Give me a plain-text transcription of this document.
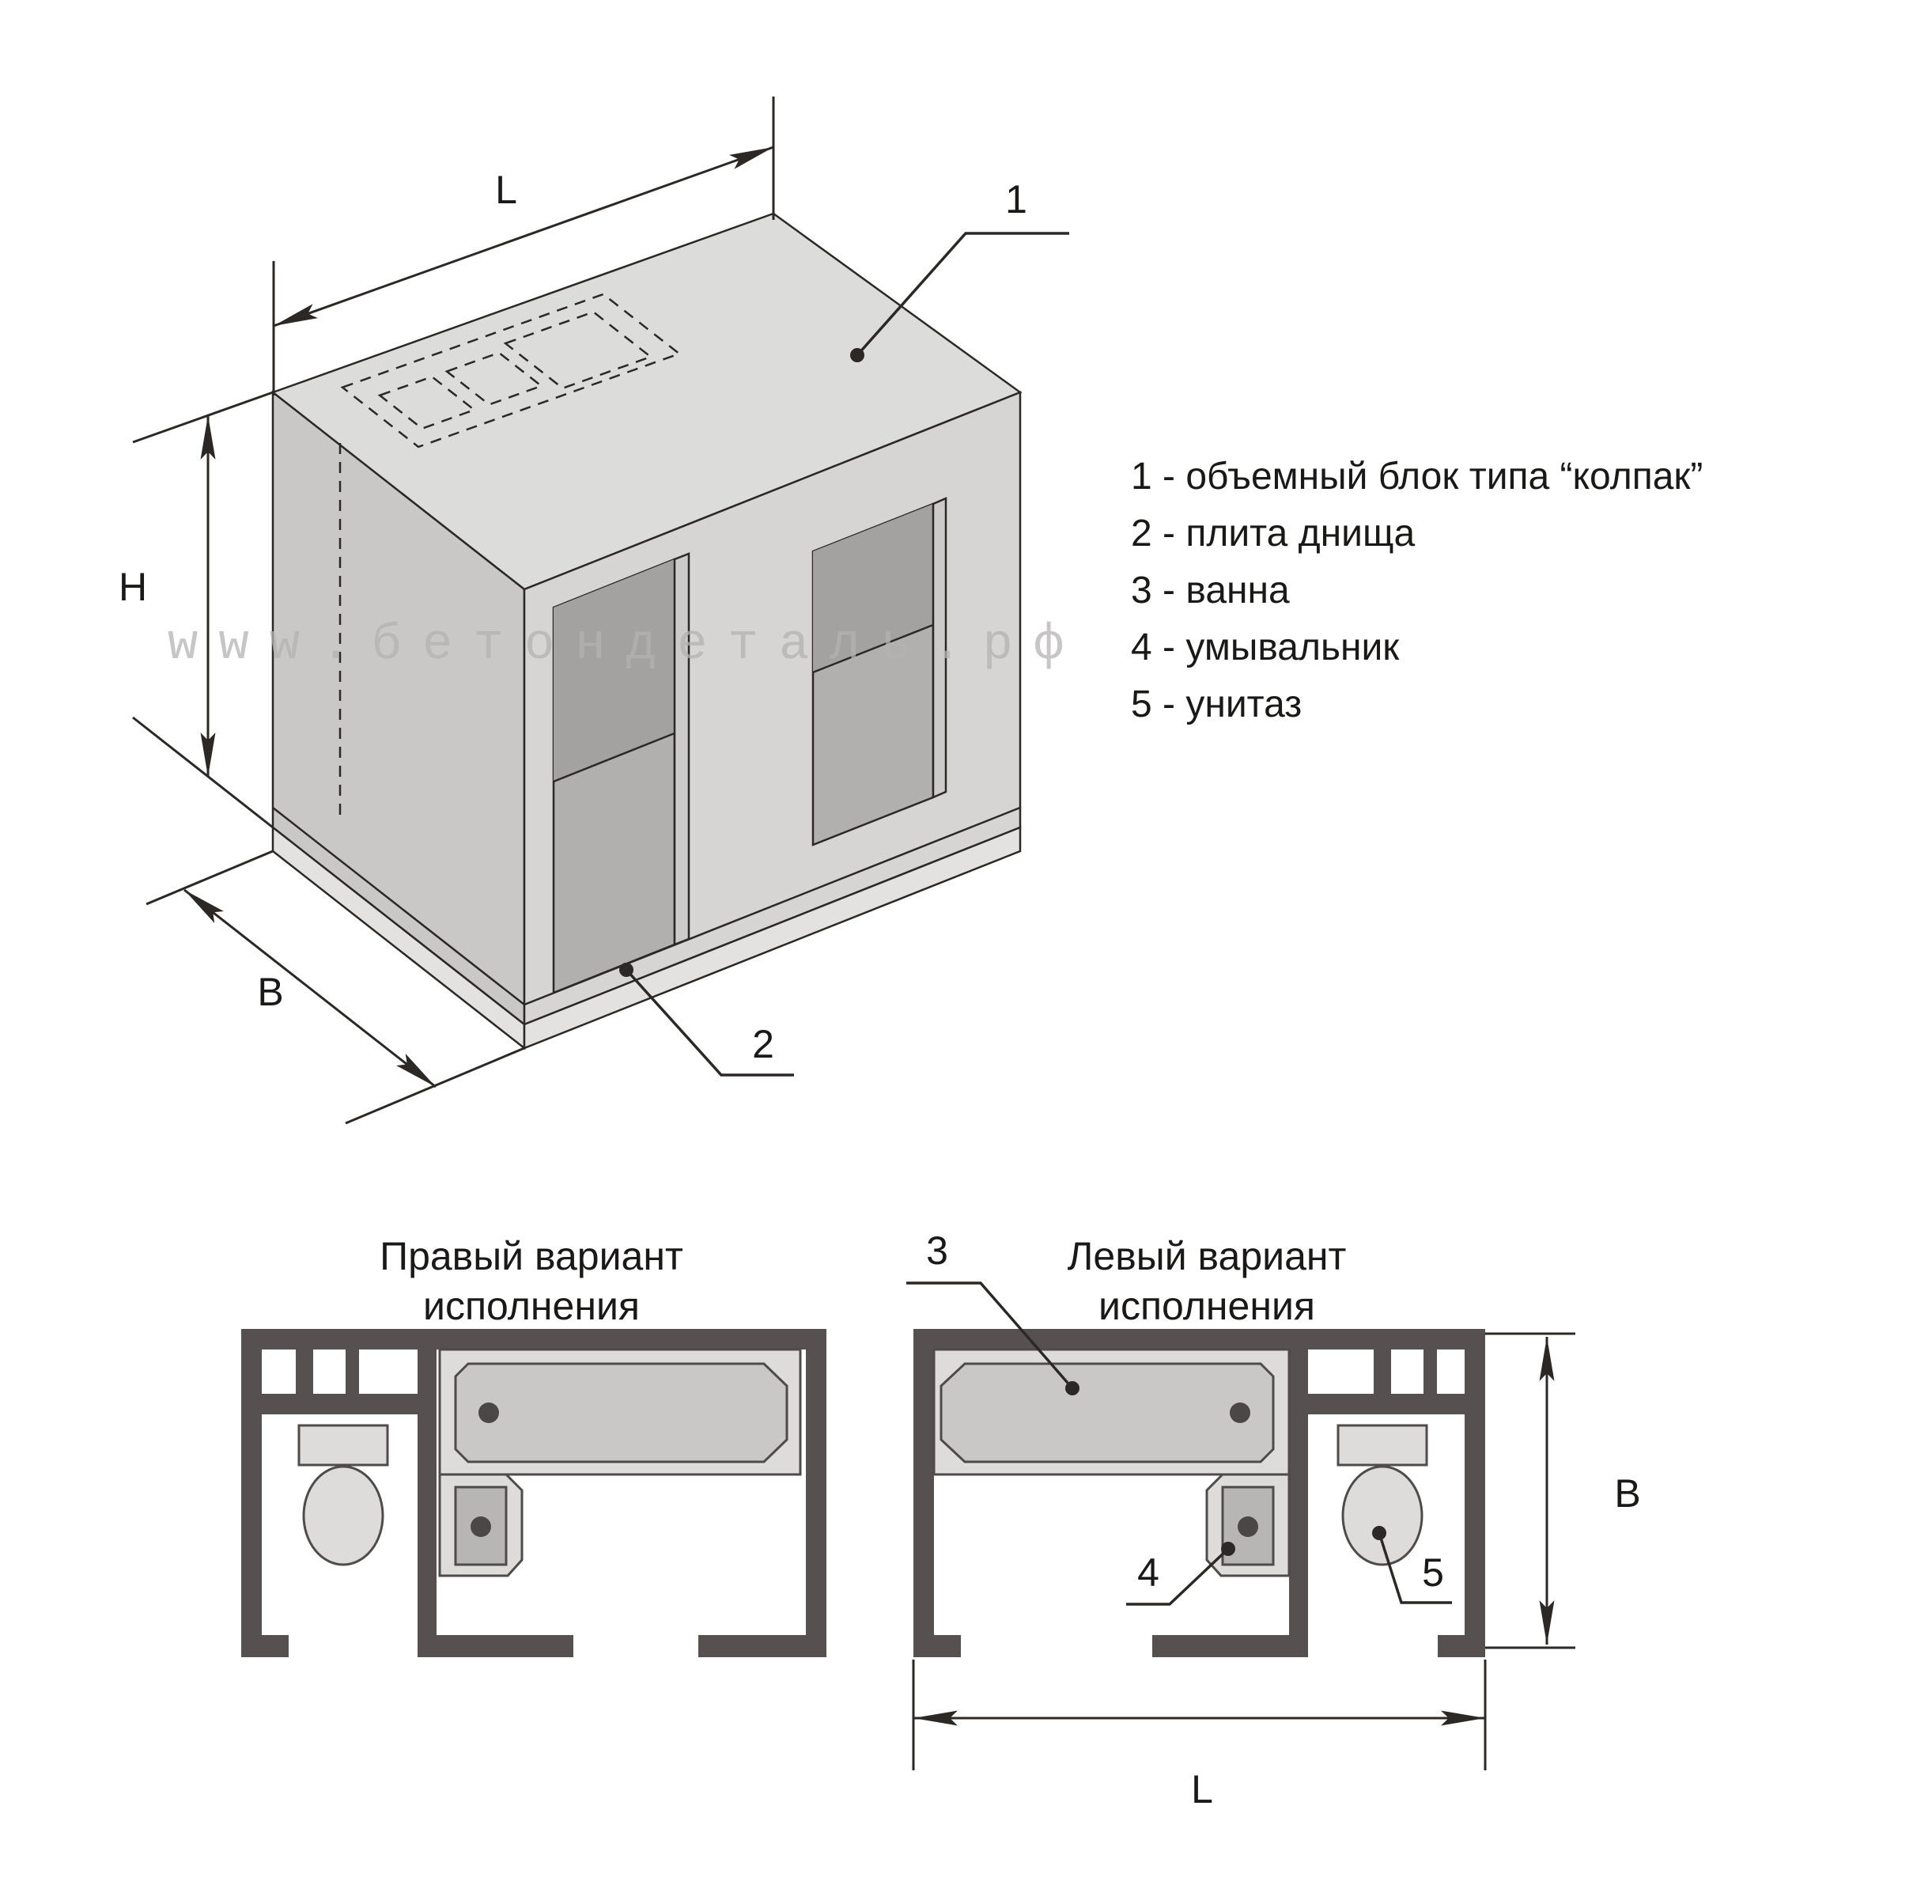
www.бетондеталь.рф
L
H
B
1
2
3
4	5
B
L
1 - объемный блок типа “колпак”
2 - плита днища
3 - ванна
4 - умывальник
5 - унитаз
Правый вариант
исполнения
Левый вариант
исполнения
